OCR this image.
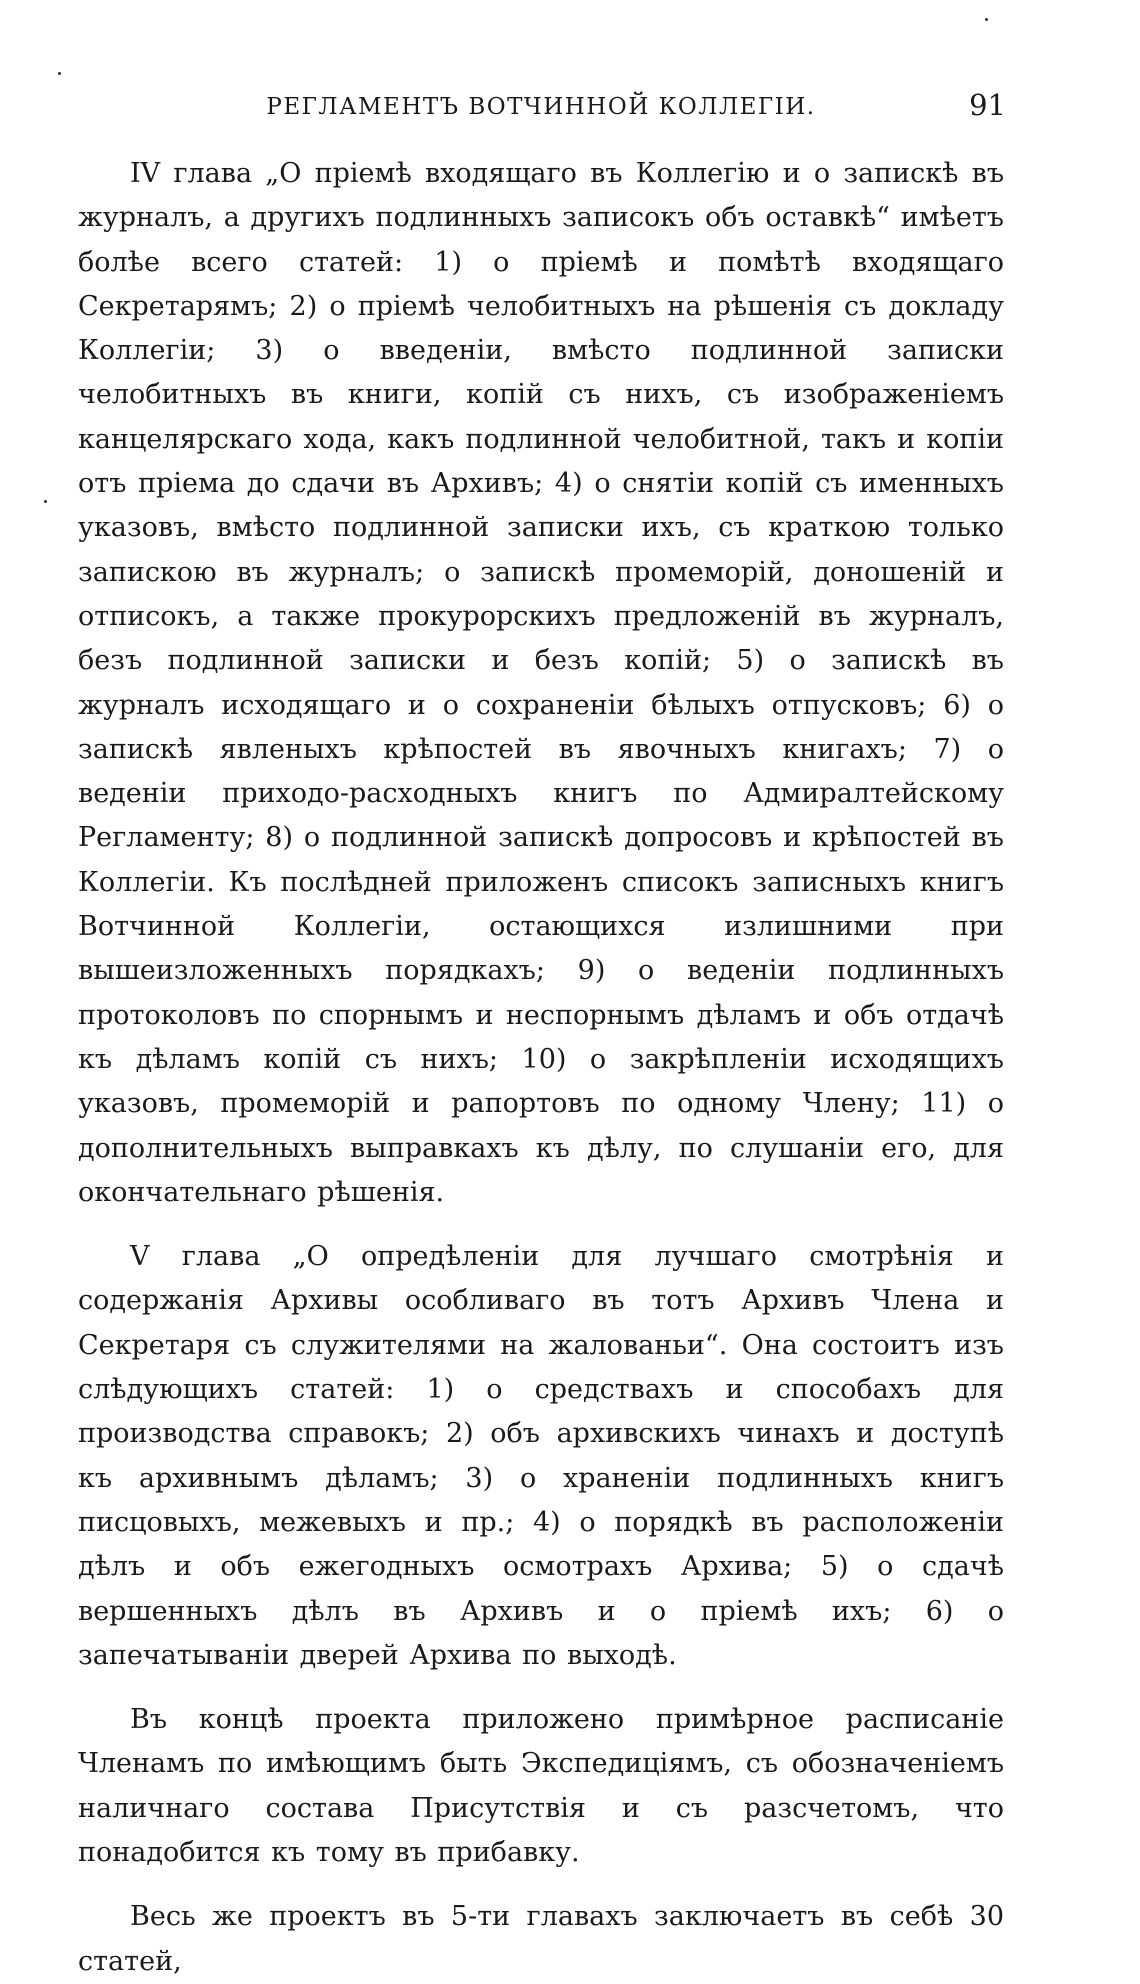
РЕГЛАМЕНТЪ ВОТЧИННОЙ КОЛЛЕГІИ.	91

IV глава „О пріемѣ входящаго въ Коллегію и о запискѣ въ журналъ, а другихъ подлинныхъ записокъ объ оставкѣ“ имѣетъ болѣе всего статей: 1) о пріемѣ и помѣтѣ входящаго Секретарямъ; 2) о пріемѣ челобитныхъ на рѣшенія съ докладу Коллегіи; 3) о введеніи, вмѣсто подлинной записки челобитныхъ въ книги, копій съ нихъ, съ изображеніемъ канцелярскаго хода, какъ подлинной челобитной, такъ и копіи отъ пріема до сдачи въ Архивъ; 4) о снятіи копій съ именныхъ указовъ, вмѣсто подлинной записки ихъ, съ краткою только запискою въ журналъ; о запискѣ промеморій, доношеній и отписокъ, а также прокурорскихъ предложеній въ журналъ, безъ подлинной записки и безъ копій; 5) о запискѣ въ журналъ исходящаго и о сохраненіи бѣлыхъ отпусковъ; 6) о запискѣ явленыхъ крѣпостей въ явочныхъ книгахъ; 7) о веденіи приходо-расходныхъ книгъ по Адмиралтейскому Регламенту; 8) о подлинной запискѣ допросовъ и крѣпостей въ Коллегіи. Къ послѣдней приложенъ списокъ записныхъ книгъ Вотчинной Коллегіи, остающихся излишними при вышеизложенныхъ порядкахъ; 9) о веденіи подлинныхъ протоколовъ по спорнымъ и неспорнымъ дѣламъ и объ отдачѣ къ дѣламъ копій съ нихъ; 10) о закрѣпленіи исходящихъ указовъ, промеморій и рапортовъ по одному Члену; 11) о дополнительныхъ выправкахъ къ дѣлу, по слушаніи его, для окончательнаго рѣшенія.

V глава „О опредѣленіи для лучшаго смотрѣнія и содержанія Архивы особливаго въ тотъ Архивъ Члена и Секретаря съ служителями на жалованьи“. Она состоитъ изъ слѣдующихъ статей: 1) о средствахъ и способахъ для производства справокъ; 2) объ архивскихъ чинахъ и доступѣ къ архивнымъ дѣламъ; 3) о храненіи подлинныхъ книгъ писцовыхъ, межевыхъ и пр.; 4) о порядкѣ въ расположеніи дѣлъ и объ ежегодныхъ осмотрахъ Архива; 5) о сдачѣ вершенныхъ дѣлъ въ Архивъ и о пріемѣ ихъ; 6) о запечатываніи дверей Архива по выходѣ.

Въ концѣ проекта приложено примѣрное расписаніе Членамъ по имѣющимъ быть Экспедиціямъ, съ обозначеніемъ наличнаго состава Присутствія и съ разсчетомъ, что понадобится къ тому въ прибавку.

Весь же проектъ въ 5-ти главахъ заключаетъ въ себѣ 30 статей,
